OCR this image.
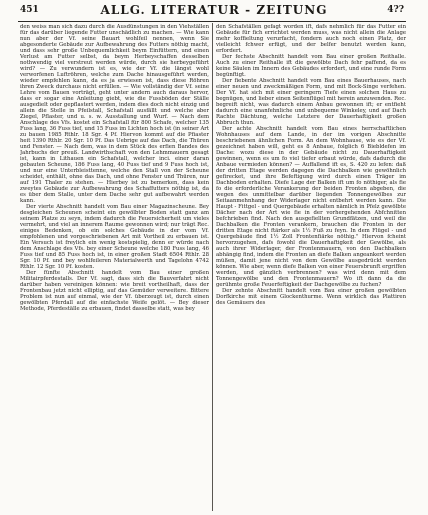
451	ALLG. LITERATUR - ZEITUNG	4??

den weiss man sich dazu durch die Ausdünstungen in den Viehställen für das darüber liegende Futter unschädlich zu machen. — Wie kann nun aber der Vf. seine Bauart wohlfeil nennen, wenn Sie abgesonderte Gebäude zur Aufbewahrung des Futters nöthig macht, und dass sehr große Unbequemlichkeit beym Einfüttern, und einen Verlust am Futter selbst, da beym Herbeyschaffen desselben nothwendig viel verstreut werden würde, durch sie herbeygeführt wird? — Zu verwundern ist es, wie der Vf. die längst wohl verworfenen Luftröhren, welche zum Dache hinausgeführt werden, wieder empfehlen kann, da es ja erwiesen ist, dass diese Röhren ihren Zweck durchaus nicht erfüllen. — Wie vollständig der Vf. seine Lehre vom Bauen vorträgt, geht unter andern auch daraus hervor, dass er sogar eine Anleitung giebt, wie die Fussböden der Ställe ausgedielt oder gepflastert werden, indem dies doch nicht einzig und allein die Stelle in Pfeilstall, Schafstall ausfällt und welche aber Ziegel, Pflaster, und u. s. w. Ausstallung und Wurf. — Nach dem Anschlage des Vfs. kostet ein Schafstall für 800 Schafe, welcher 135 Fuss lang, 36 Fuss tief, und 15 Fuss im Lichten hoch ist (in seiner Art zu bauen 1985 Rthlr. 18 Sgr. 4 Pf. Hiervon kommt auf die Pfiaster heit 1390 Rthlr. 20 Sgr. 10 Pf. Das Uebrige auf das Dach, die Thüren und Fenster. — Nach dem, was in dem Stück des erfien Bandes des Jahrbuchs der preuß. Landwirthschaft von den Lehmmauern gesagt ist, kann in Lithauen ein Schafstall, welcher inci. einer daran gebauten Scheune, 186 Fuss lang, 40 Fuss tief und 9 Fuss hoch ist, und nur eine Unterbleisttenne, welche den Stall von der Scheune scheidet, enthält, ohne das Dach, und ohne Fenster und Thüren, nur auf 191 Thaler zu stehen. — Hierbey ist zu bemerken, dass kein zweytes Gebäude zur Aufbewahrung des Schaffutters nöthig ist, da es über dem Stalle, unter dem Dache sehr gut aufbewahrt werden kann.

Der vierte Abschnitt handelt vom Bau einer Magazinscheune. Bey desgleichen Scheunen scheint ein gewölbter Boden statt ganz am seinem Platze zu seyn, indem dadurch die Feuersicherheit um vieles vermehrt, und viel an innerem Raume gewonnen wird; nur trägt Rec. einiges Bedenken, ob ein solches Gebäude in der vom Vf. empfohlenen und vorgeschriebenen Art mit Vortheil zu erbauen ist. Ein Versuch ist freylich ein wenig kostspielig, denn er würde nach dem Anschlage des Vfs. bey einer Scheune welche 180 Fuss lang, 46 Fuss tief und 85 Fuss hoch ist, in einer großen Stadt 6504 Rthlr. 28 Sgr. 10 Pf. und bey wohlfeileren Materialwerth und Tagelohn 4742 Rthlr. 12 Sgr. 10 Pf. kosten.

Der fünfte Abschnitt handelt vom Bau einer großen Militairpferdestalls. Der Vf. sagt, dass sich die Bauverfahrt nicht darüber haben vereinigen können: wie breit vortheilhaft, dass der Frontenbau jetzt nicht elliptig, auf das Gemüder verweitere. Bittere Problem ist nun auf einmal, wie der Vf. überzeugt ist, durch einen gewölbten Pferdall auf die einfachste Weife gelöt. — Bey dieser Methode, Pferdeställe zu erbauen, findet dasselbe statt, was bey

den Schafställen gefagt worden ift, dafs nehmlich für das Futter ein Gebäude für fich errichtet werden muss, was nicht allein die Anlage mehr koffieltung verurfacht, fondern auch noch einen Platz, der vielleicht fchwer erfügt, und der belfer benutzt werden kann, erfordert.

Der fechste Abschnitt handelt vom Bau einer großen Reithalle. Auch zu einer Reithalle ift die gewölbte Dach fehr paffend, da es keine Säulen im Innern des Gebäudes erfordert, und eine runde Form begünftigt.

Der fiebente Abschnitt handelt vom Bau eines Bauerhauses, nach einer neuen und zweckmäßigen Form, und mit Bock-Singe verfehen. Der Vf. hat sich mit einer geringern Tiefe einen solchen Haus zu begnügen, und lieber einen Seitenflügel mit herein anzuwenden. Rec. begreift nicht, was dadurch einem Anbau gewonnen ift; er entfieht dadurch eine unanfehnliche und unbequeme Winkeley, und auf Dach Rachte Dächtung, welche Letztere der Dauerhaftigkeit großen Abbruch thun.

Der achte Abschnitt handelt vom Bau eines herrschaftlichen Wohnhauses auf dem Lande, in der im vorigen Abschnitte beschriebenen ähnlichen Form. An dem Wohnhause, wie es der Vf. gezeichnet haben will, geht es 8 Anbaue, folglich 6 Biebldefen im Dache: wozu diese in der Gebäude nicht zu Dauerhaftigkeit gewinnen, wenn es um fo viel tiefer erbaut würde, dafs dadurch die Anbaue vermieden können? — Auffallend ift es, S. 420 zu lefen: daß der dritten Etage werden dagegen die Dachbalken wie gewöhnlich gefirecket, und ihre Befeftigung wird durch einen Träger im Dachboden erhalten. Diefe Lage der Balken ift um fo nöthiger, als fie fo die erforderliche Verankerung der beiden Fronten abgeben, die wegen des unmittelbar darüber liegenden Tonnengewölbes zur Seitaanmehnhang der Widerlager nicht entbehrt werden kann. Die Haupt - Fittgel - und Quergebäude erhalten nämlich in Pfelz gewölbte Dächer nach der Art wie fie in der vorhergehenden Abfchnitten befchrieben find. Nach den ausgefiellten Grundfätzen, und weil die Dachbalken die Fronten verankern, brauchen die Fronten in der dritten Etage nicht ftärker als 1½ Fuß zu feyn. In dem Flügel - und Quergebäude find 1½ Zoll Frontenfiärke nöthig." Hiervon fcheint hervorzugehen, dafs fowohl die Dauerhaftigkeit der Gewölbe, als auch ihrer Widerlager, der Frontenmauern, von den Dachbalken abhängig find, indem die Fronten an diefe Balken angeankert werden müßen, damit jene nicht von dem Gewölbe ausgedrückt werden können. Wie aber, wenn diefe Balken von einer Feuersbrunft ergriffen werden, und gänzlich verbrennen? was wird denn mit dem Tonnengewölbe und den Frontenmauern? Wo ift dann da die gerühmte große Feuerfeftigkeit der Dachgewölbe zu fuchen?

Der zehnte Abschnitt handelt vom Bau einer großen gewölbten Dorfkirche mit einem Glockenthurme. Wenn wirklich das Plattiren des Gemäuers des
